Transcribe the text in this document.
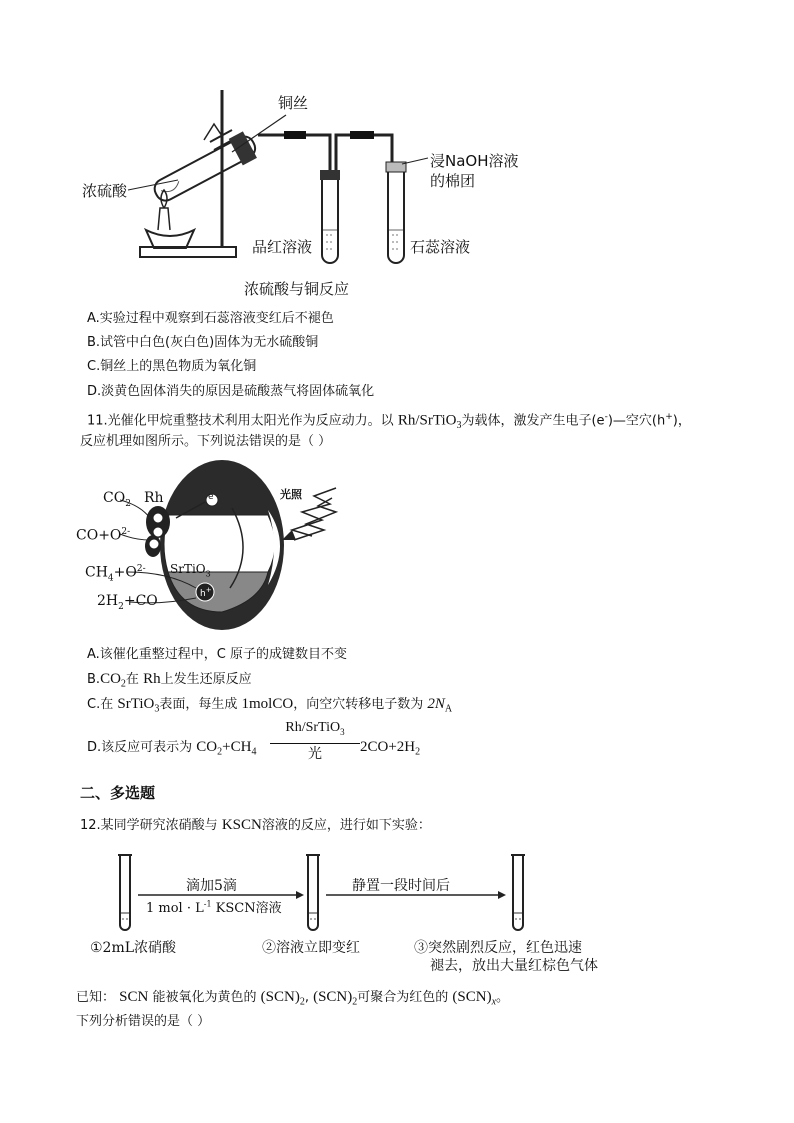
铜丝
浸NaOH溶液
的棉团
浓硫酸
品红溶液	石蕊溶液
浓硫酸与铜反应
A.实验过程中观察到石蕊溶液变红后不褪色
B.试管中白色(灰白色)固体为无水硫酸铜
C.铜丝上的黑色物质为氧化铜
D.淡黄色固体消失的原因是硫酸蒸气将固体硫氧化
11.光催化甲烷重整技术利用太阳光作为反应动力。以 Rh/SrTiO$_3$为载体，激发产生电子(e-)—空穴(h+)，
反应机理如图所示。下列说法错误的是（ ）
$CO_2$ Rh
$CO+O^{2-}$
$CH_4+O^{2-}$
$2H_2+CO$
SrTiO$_3$
光照
e
h+
A.该催化重整过程中，C 原子的成键数目不变
$B.CO_2$在 Rh上发生还原反应
C.在 SrTiO$_3$表面，每生成 1molCO，向空穴转移电子数为 $2N_A$
D.该反应可表示为 $CO_2+CH_4$
Rh/SrTiO$_3$
光	$2CO+2H_2$
二、多选题
12.某同学研究浓硝酸与 KSCN溶液的反应，进行如下实验：
滴加5滴
1 mol · $L^{-1}$ KSCN溶液
静置一段时间后
①2mL浓硝酸	②溶液立即变红	③突然剧烈反应，红色迅速
褪去，放出大量红棕色气体
已知： SCN 能被氧化为黄色的 $(SCN)_2$, $(SCN)_2$可聚合为红色的 $(SCN)_x$。
下列分析错误的是（ ）
